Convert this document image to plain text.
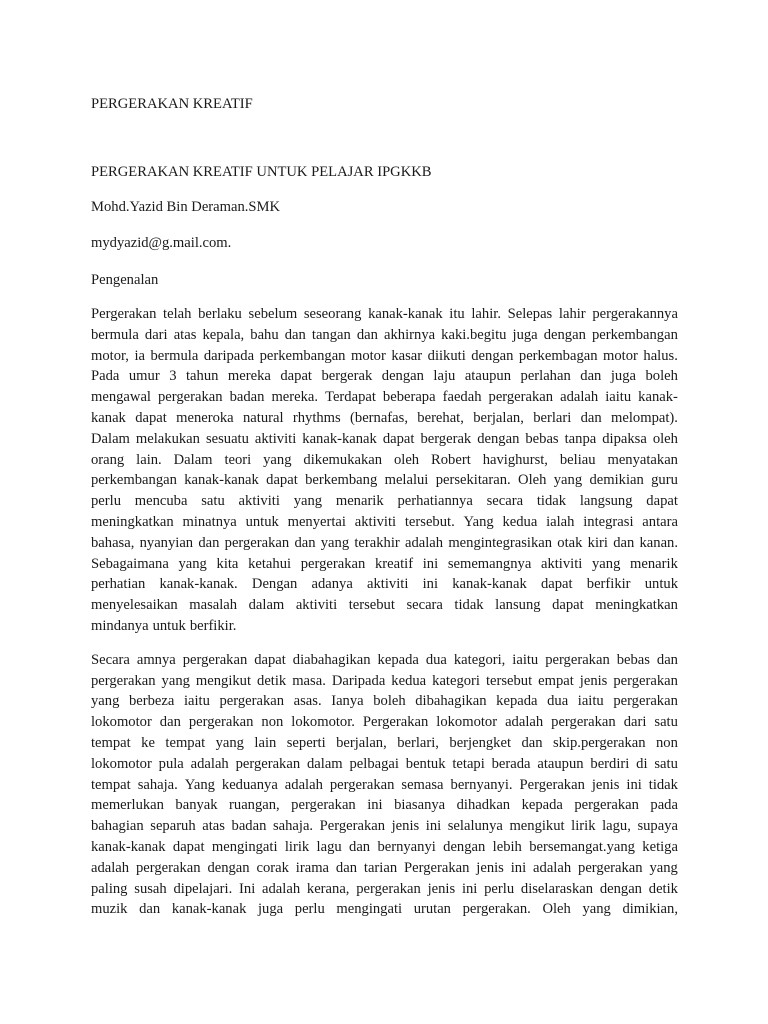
PERGERAKAN KREATIF

PERGERAKAN KREATIF UNTUK PELAJAR IPGKKB

Mohd.Yazid Bin Deraman.SMK

mydyazid@g.mail.com.

Pengenalan

Pergerakan telah berlaku sebelum seseorang kanak-kanak itu lahir. Selepas lahir pergerakannya
bermula dari atas kepala, bahu dan tangan dan akhirnya kaki.begitu juga dengan perkembangan
motor, ia bermula daripada perkembangan motor kasar diikuti dengan perkembagan motor halus.
Pada umur 3 tahun mereka dapat bergerak dengan laju ataupun perlahan dan juga boleh
mengawal pergerakan badan mereka. Terdapat beberapa faedah pergerakan adalah iaitu kanak-
kanak dapat meneroka natural rhythms (bernafas, berehat, berjalan, berlari dan melompat).
Dalam melakukan sesuatu aktiviti kanak-kanak dapat bergerak dengan bebas tanpa dipaksa oleh
orang lain. Dalam teori yang dikemukakan oleh Robert havighurst, beliau menyatakan
perkembangan kanak-kanak dapat berkembang melalui persekitaran. Oleh yang demikian guru
perlu mencuba satu aktiviti yang menarik perhatiannya secara tidak langsung dapat
meningkatkan minatnya untuk menyertai aktiviti tersebut. Yang kedua ialah integrasi antara
bahasa, nyanyian dan pergerakan dan yang terakhir adalah mengintegrasikan otak kiri dan kanan.
Sebagaimana yang kita ketahui pergerakan kreatif ini sememangnya aktiviti yang menarik
perhatian kanak-kanak. Dengan adanya aktiviti ini kanak-kanak dapat berfikir untuk
menyelesaikan masalah dalam aktiviti tersebut secara tidak lansung dapat meningkatkan
mindanya untuk berfikir.
Secara amnya pergerakan dapat diabahagikan kepada dua kategori, iaitu pergerakan bebas dan
pergerakan yang mengikut detik masa. Daripada kedua kategori tersebut empat jenis pergerakan
yang berbeza iaitu pergerakan asas. Ianya boleh dibahagikan kepada dua iaitu pergerakan
lokomotor dan pergerakan non lokomotor. Pergerakan lokomotor adalah pergerakan dari satu
tempat ke tempat yang lain seperti berjalan, berlari, berjengket dan skip.pergerakan non
lokomotor pula adalah pergerakan dalam pelbagai bentuk tetapi berada ataupun berdiri di satu
tempat sahaja. Yang keduanya adalah pergerakan semasa bernyanyi. Pergerakan jenis ini tidak
memerlukan banyak ruangan, pergerakan ini biasanya dihadkan kepada pergerakan pada
bahagian separuh atas badan sahaja. Pergerakan jenis ini selalunya mengikut lirik lagu, supaya
kanak-kanak dapat mengingati lirik lagu dan bernyanyi dengan lebih bersemangat.yang ketiga
adalah pergerakan dengan corak irama dan tarian Pergerakan jenis ini adalah pergerakan yang
paling susah dipelajari. Ini adalah kerana, pergerakan jenis ini perlu diselaraskan dengan detik
muzik dan kanak-kanak juga perlu mengingati urutan pergerakan. Oleh yang dimikian,
